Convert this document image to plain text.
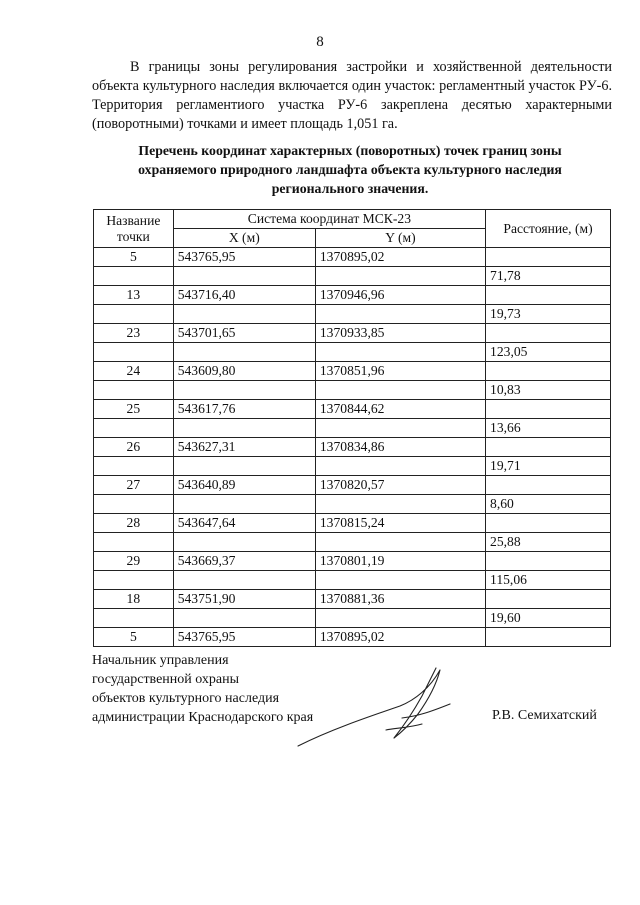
8

В границы зоны регулирования застройки и хозяйственной деятельности объекта культурного наследия включается один участок: регламентный участок РУ-6. Территория регламентиого участка РУ-6 закреплена десятью характерными (поворотными) точками и имеет площадь 1,051 га.

Перечень координат характерных (поворотных) точек границ зоны охраняемого природного ландшафта объекта культурного наследия регионального значения.

Название точки	Система координат МСК-23		Расстояние, (м)
	X (м)	Y (м)	
5	543765,95	1370895,02	
			71,78
13	543716,40	1370946,96	
			19,73
23	543701,65	1370933,85	
			123,05
24	543609,80	1370851,96	
			10,83
25	543617,76	1370844,62	
			13,66
26	543627,31	1370834,86	
			19,71
27	543640,89	1370820,57	
			8,60
28	543647,64	1370815,24	
			25,88
29	543669,37	1370801,19	
			115,06
18	543751,90	1370881,36	
			19,60
5	543765,95	1370895,02	
Начальник управления
государственной охраны
объектов культурного наследия
администрации Краснодарского края	Р.В. Семихатский
